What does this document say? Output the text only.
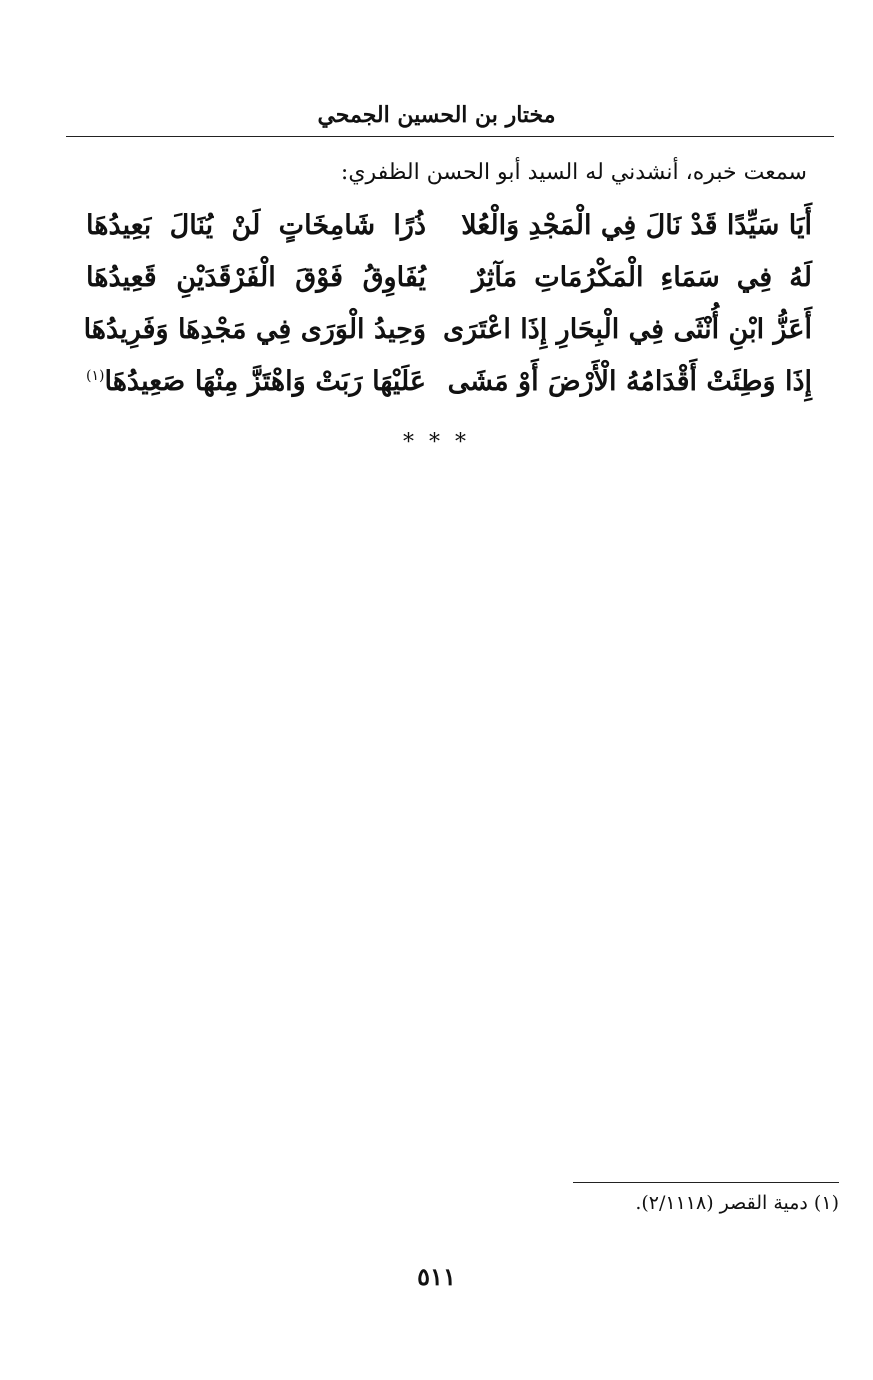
مختار بن الحسين الجمحي
سمعت خبره، أنشدني له السيد أبو الحسن الظفري:
أَيَا سَيِّدًا قَدْ نَالَ فِي الْمَجْدِ وَالْعُلا
ذُرًا شَامِخَاتٍ لَنْ يُنَالَ بَعِيدُهَا
لَهُ فِي سَمَاءِ الْمَكْرُمَاتِ مَآثِرٌ
يُفَاوِقُ فَوْقَ الْفَرْقَدَيْنِ قَعِيدُهَا
أَعَزُّ ابْنِ أُنْثَى فِي الْبِحَارِ إِذَا اعْتَرَى
وَحِيدُ الْوَرَى فِي مَجْدِهَا وَفَرِيدُهَا
إِذَا وَطِئَتْ أَقْدَامُهُ الْأَرْضَ أَوْ مَشَى
عَلَيْهَا رَبَتْ وَاهْتَزَّ مِنْهَا صَعِيدُهَا$^{(١)}$
* * *
(١) دمية القصر (٢/١١١٨).
٥١١
